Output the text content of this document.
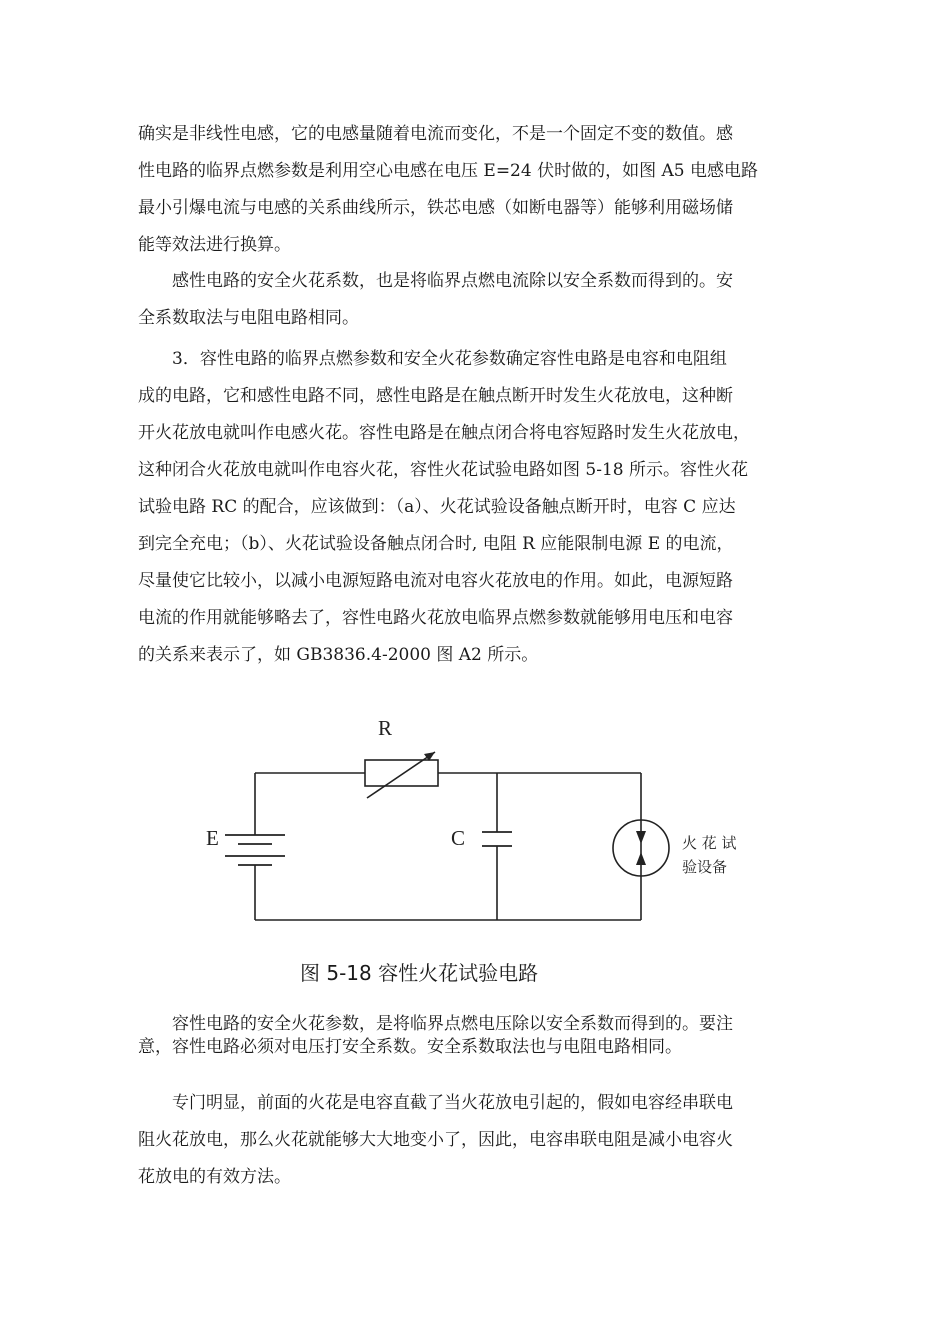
确实是非线性电感，它的电感量随着电流而变化，不是一个固定不变的数值。感
性电路的临界点燃参数是利用空心电感在电压 E=24 伏时做的，如图 A5 电感电路
最小引爆电流与电感的关系曲线所示，铁芯电感（如断电器等）能够利用磁场储
能等效法进行换算。
　　感性电路的安全火花系数，也是将临界点燃电流除以安全系数而得到的。安
全系数取法与电阻电路相同。
　　3．容性电路的临界点燃参数和安全火花参数确定容性电路是电容和电阻组
成的电路，它和感性电路不同，感性电路是在触点断开时发生火花放电，这种断
开火花放电就叫作电感火花。容性电路是在触点闭合将电容短路时发生火花放电，
这种闭合火花放电就叫作电容火花，容性火花试验电路如图 5-18 所示。容性火花
试验电路 RC 的配合，应该做到：（a）、火花试验设备触点断开时，电容 C 应达
到完全充电；（b）、火花试验设备触点闭合时, 电阻 R 应能限制电源 E 的电流，
尽量使它比较小，以减小电源短路电流对电容火花放电的作用。如此，电源短路
电流的作用就能够略去了，容性电路火花放电临界点燃参数就能够用电压和电容
的关系来表示了，如 GB3836.4-2000 图 A2 所示。
R
E	C	火 花 试
验设备
图 5-18 容性火花试验电路
　　容性电路的安全火花参数，是将临界点燃电压除以安全系数而得到的。要注
意，容性电路必须对电压打安全系数。安全系数取法也与电阻电路相同。
　　专门明显，前面的火花是电容直截了当火花放电引起的，假如电容经串联电
阻火花放电，那么火花就能够大大地变小了，因此，电容串联电阻是减小电容火
花放电的有效方法。
